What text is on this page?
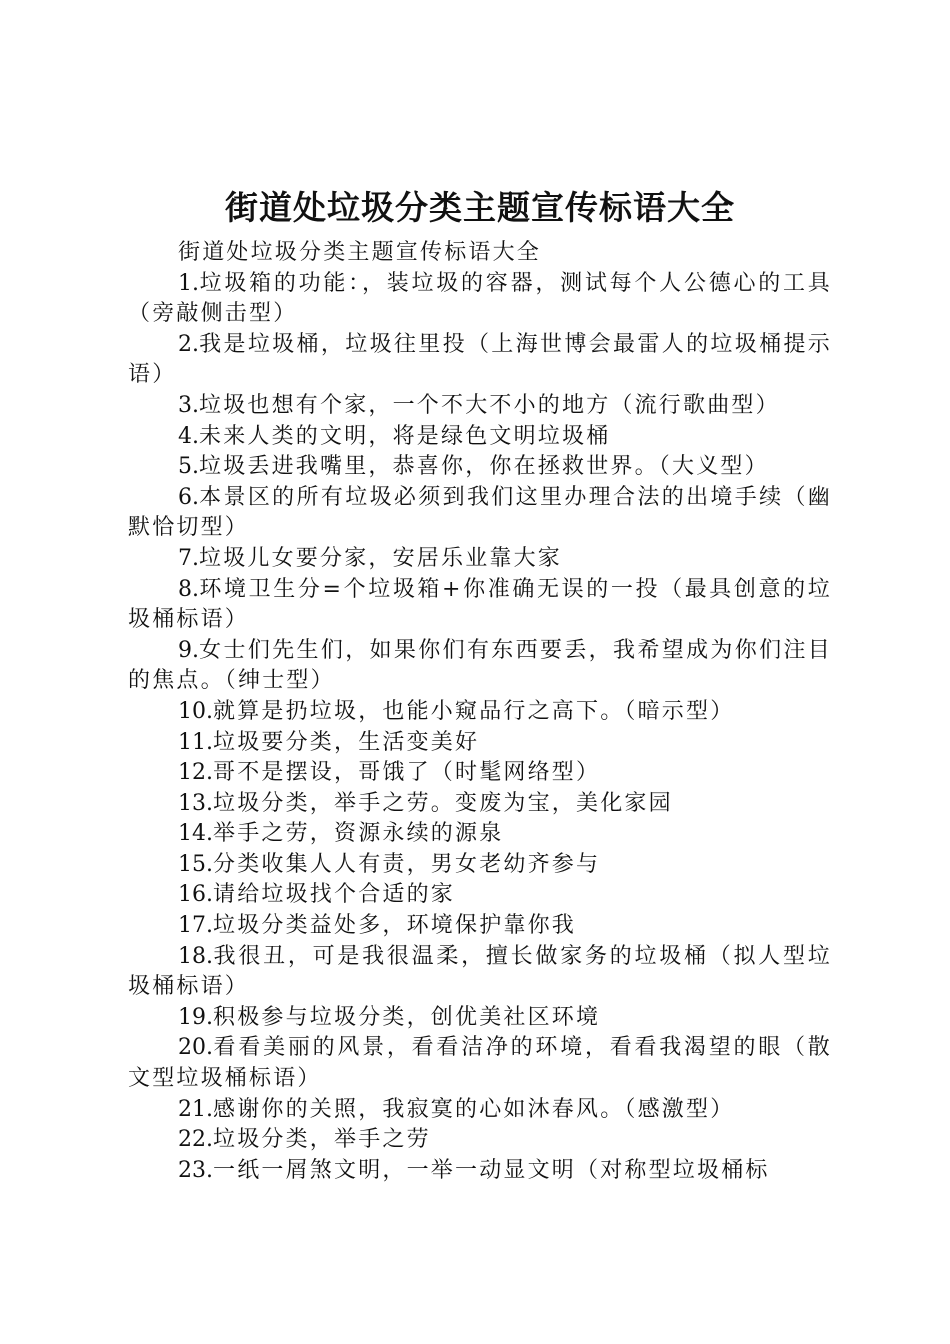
街道处垃圾分类主题宣传标语大全

街道处垃圾分类主题宣传标语大全

1.垃圾箱的功能：，装垃圾的容器，测试每个人公德心的工具（旁敲侧击型）

2.我是垃圾桶，垃圾往里投（上海世博会最雷人的垃圾桶提示语）

3.垃圾也想有个家，一个不大不小的地方（流行歌曲型）

4.未来人类的文明，将是绿色文明垃圾桶

5.垃圾丢进我嘴里，恭喜你，你在拯救世界。（大义型）

6.本景区的所有垃圾必须到我们这里办理合法的出境手续（幽默恰切型）

7.垃圾儿女要分家，安居乐业靠大家

8.环境卫生分=个垃圾箱+你准确无误的一投（最具创意的垃圾桶标语）

9.女士们先生们，如果你们有东西要丢，我希望成为你们注目的焦点。（绅士型）

10.就算是扔垃圾，也能小窥品行之高下。（暗示型）

11.垃圾要分类，生活变美好

12.哥不是摆设，哥饿了（时髦网络型）

13.垃圾分类，举手之劳。变废为宝，美化家园

14.举手之劳，资源永续的源泉

15.分类收集人人有责，男女老幼齐参与

16.请给垃圾找个合适的家

17.垃圾分类益处多，环境保护靠你我

18.我很丑，可是我很温柔，擅长做家务的垃圾桶（拟人型垃圾桶标语）

19.积极参与垃圾分类，创优美社区环境

20.看看美丽的风景，看看洁净的环境，看看我渴望的眼（散文型垃圾桶标语）

21.感谢你的关照，我寂寞的心如沐春风。（感激型）

22.垃圾分类，举手之劳

23.一纸一屑煞文明，一举一动显文明（对称型垃圾桶标
